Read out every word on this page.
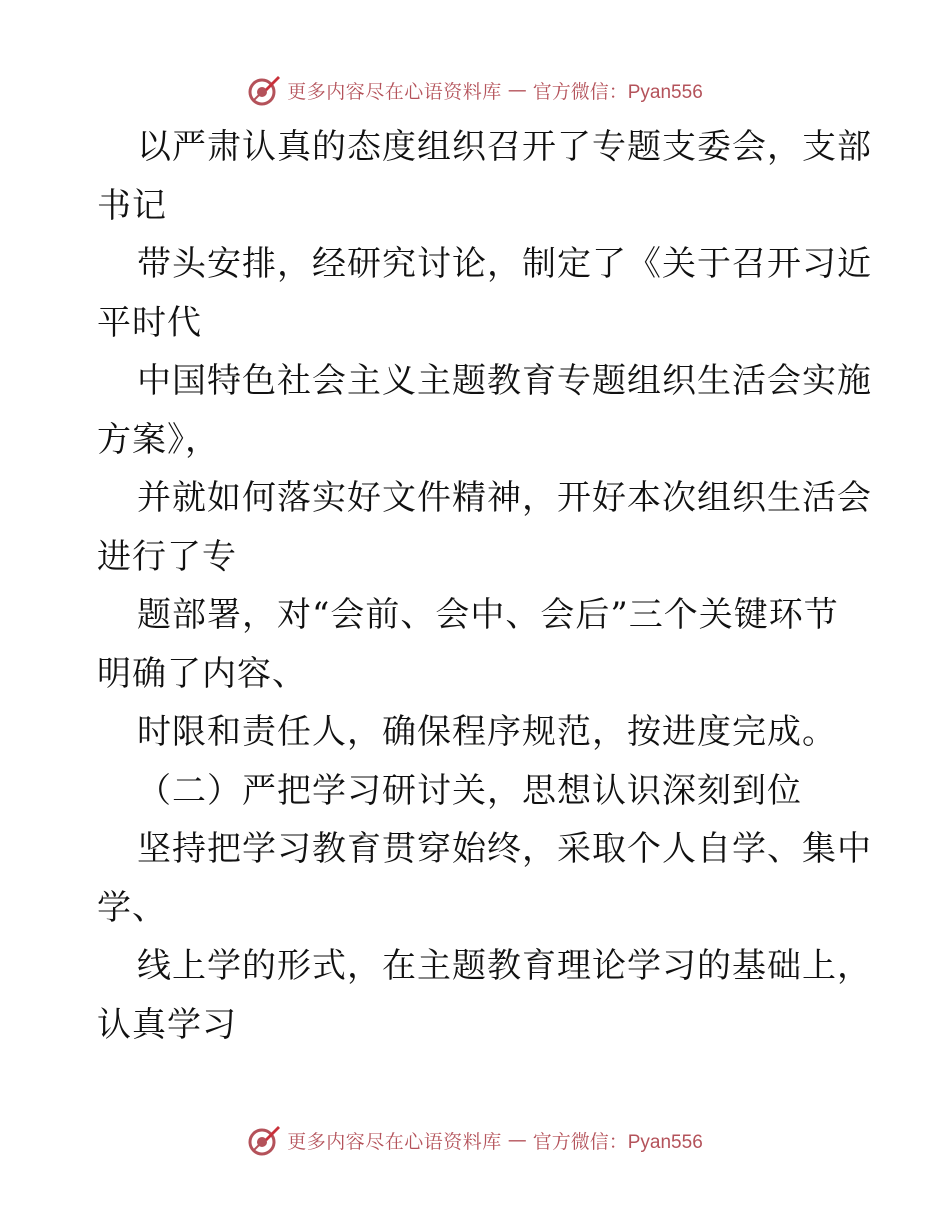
更多内容尽在心语资料库 — 官方微信：Pyan556
以严肃认真的态度组织召开了专题支委会，支部
书记
带头安排，经研究讨论，制定了《关于召开习近
平时代
中国特色社会主义主题教育专题组织生活会实施
方案》，
并就如何落实好文件精神，开好本次组织生活会
进行了专
题部署，对“会前、会中、会后”三个关键环节
明确了内容、
时限和责任人，确保程序规范，按进度完成。
（二）严把学习研讨关，思想认识深刻到位
坚持把学习教育贯穿始终，采取个人自学、集中
学、
线上学的形式，在主题教育理论学习的基础上，
认真学习
更多内容尽在心语资料库 — 官方微信：Pyan556
